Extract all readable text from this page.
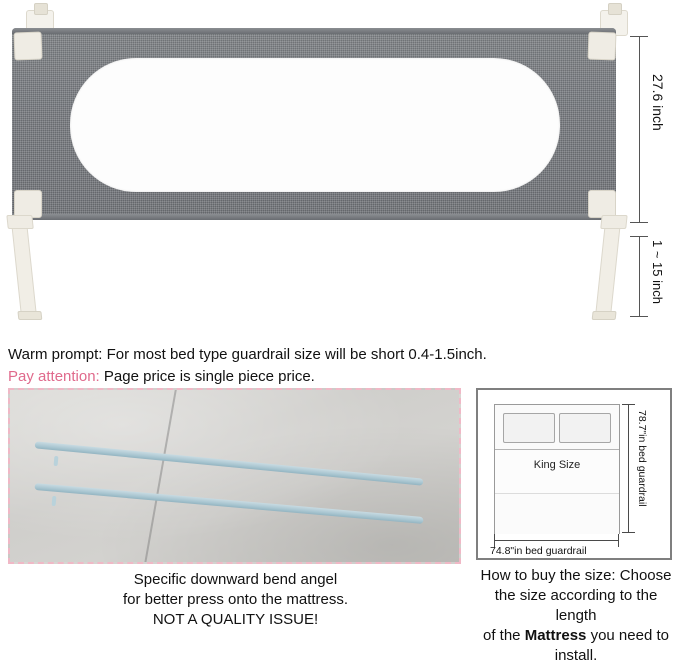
27.6 inch
1 ~ 15 inch
Warm prompt: For most bed type guardrail size will be short 0.4-1.5inch.
Pay attention: Page price is single piece price.
Specific downward bend angel
for better press onto the mattress.
NOT A QUALITY ISSUE!
King Size	78.7"in bed guardrail
74.8"in bed guardrail
How to buy the size: Choose
the size according to the length
of the Mattress you need to install.
